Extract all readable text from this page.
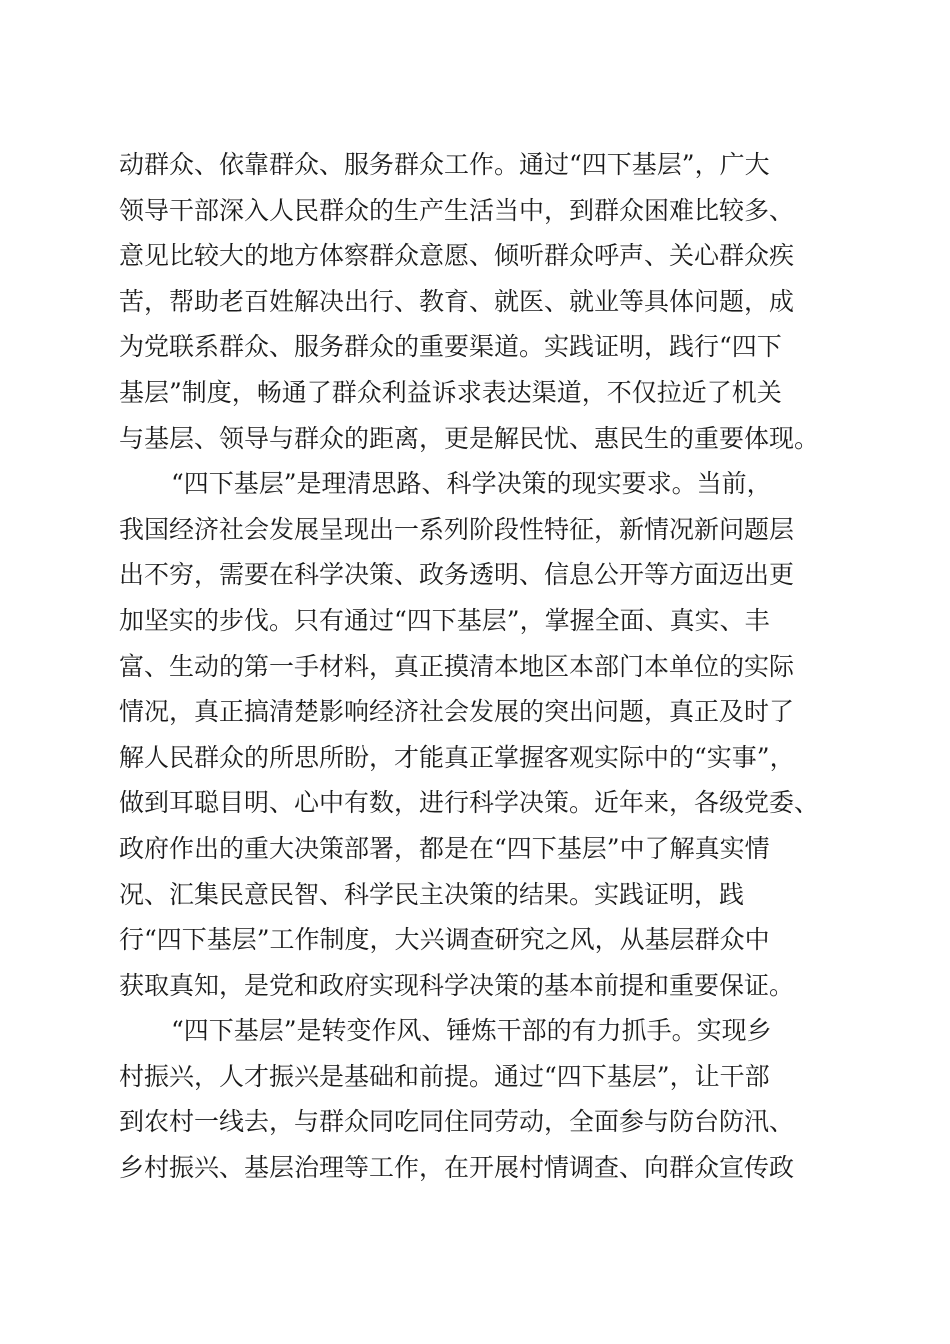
动群众、依靠群众、服务群众工作。通过“四下基层”，广大
领导干部深入人民群众的生产生活当中，到群众困难比较多、
意见比较大的地方体察群众意愿、倾听群众呼声、关心群众疾
苦，帮助老百姓解决出行、教育、就医、就业等具体问题，成
为党联系群众、服务群众的重要渠道。实践证明，践行“四下
基层”制度，畅通了群众利益诉求表达渠道，不仅拉近了机关
与基层、领导与群众的距离，更是解民忧、惠民生的重要体现。
“四下基层”是理清思路、科学决策的现实要求。当前，
我国经济社会发展呈现出一系列阶段性特征，新情况新问题层
出不穷，需要在科学决策、政务透明、信息公开等方面迈出更
加坚实的步伐。只有通过“四下基层”，掌握全面、真实、丰
富、生动的第一手材料，真正摸清本地区本部门本单位的实际
情况，真正搞清楚影响经济社会发展的突出问题，真正及时了
解人民群众的所思所盼，才能真正掌握客观实际中的“实事”，
做到耳聪目明、心中有数，进行科学决策。近年来，各级党委、
政府作出的重大决策部署，都是在“四下基层”中了解真实情
况、汇集民意民智、科学民主决策的结果。实践证明，践
行“四下基层”工作制度，大兴调查研究之风，从基层群众中
获取真知，是党和政府实现科学决策的基本前提和重要保证。
“四下基层”是转变作风、锤炼干部的有力抓手。实现乡
村振兴，人才振兴是基础和前提。通过“四下基层”，让干部
到农村一线去，与群众同吃同住同劳动，全面参与防台防汛、
乡村振兴、基层治理等工作，在开展村情调查、向群众宣传政
